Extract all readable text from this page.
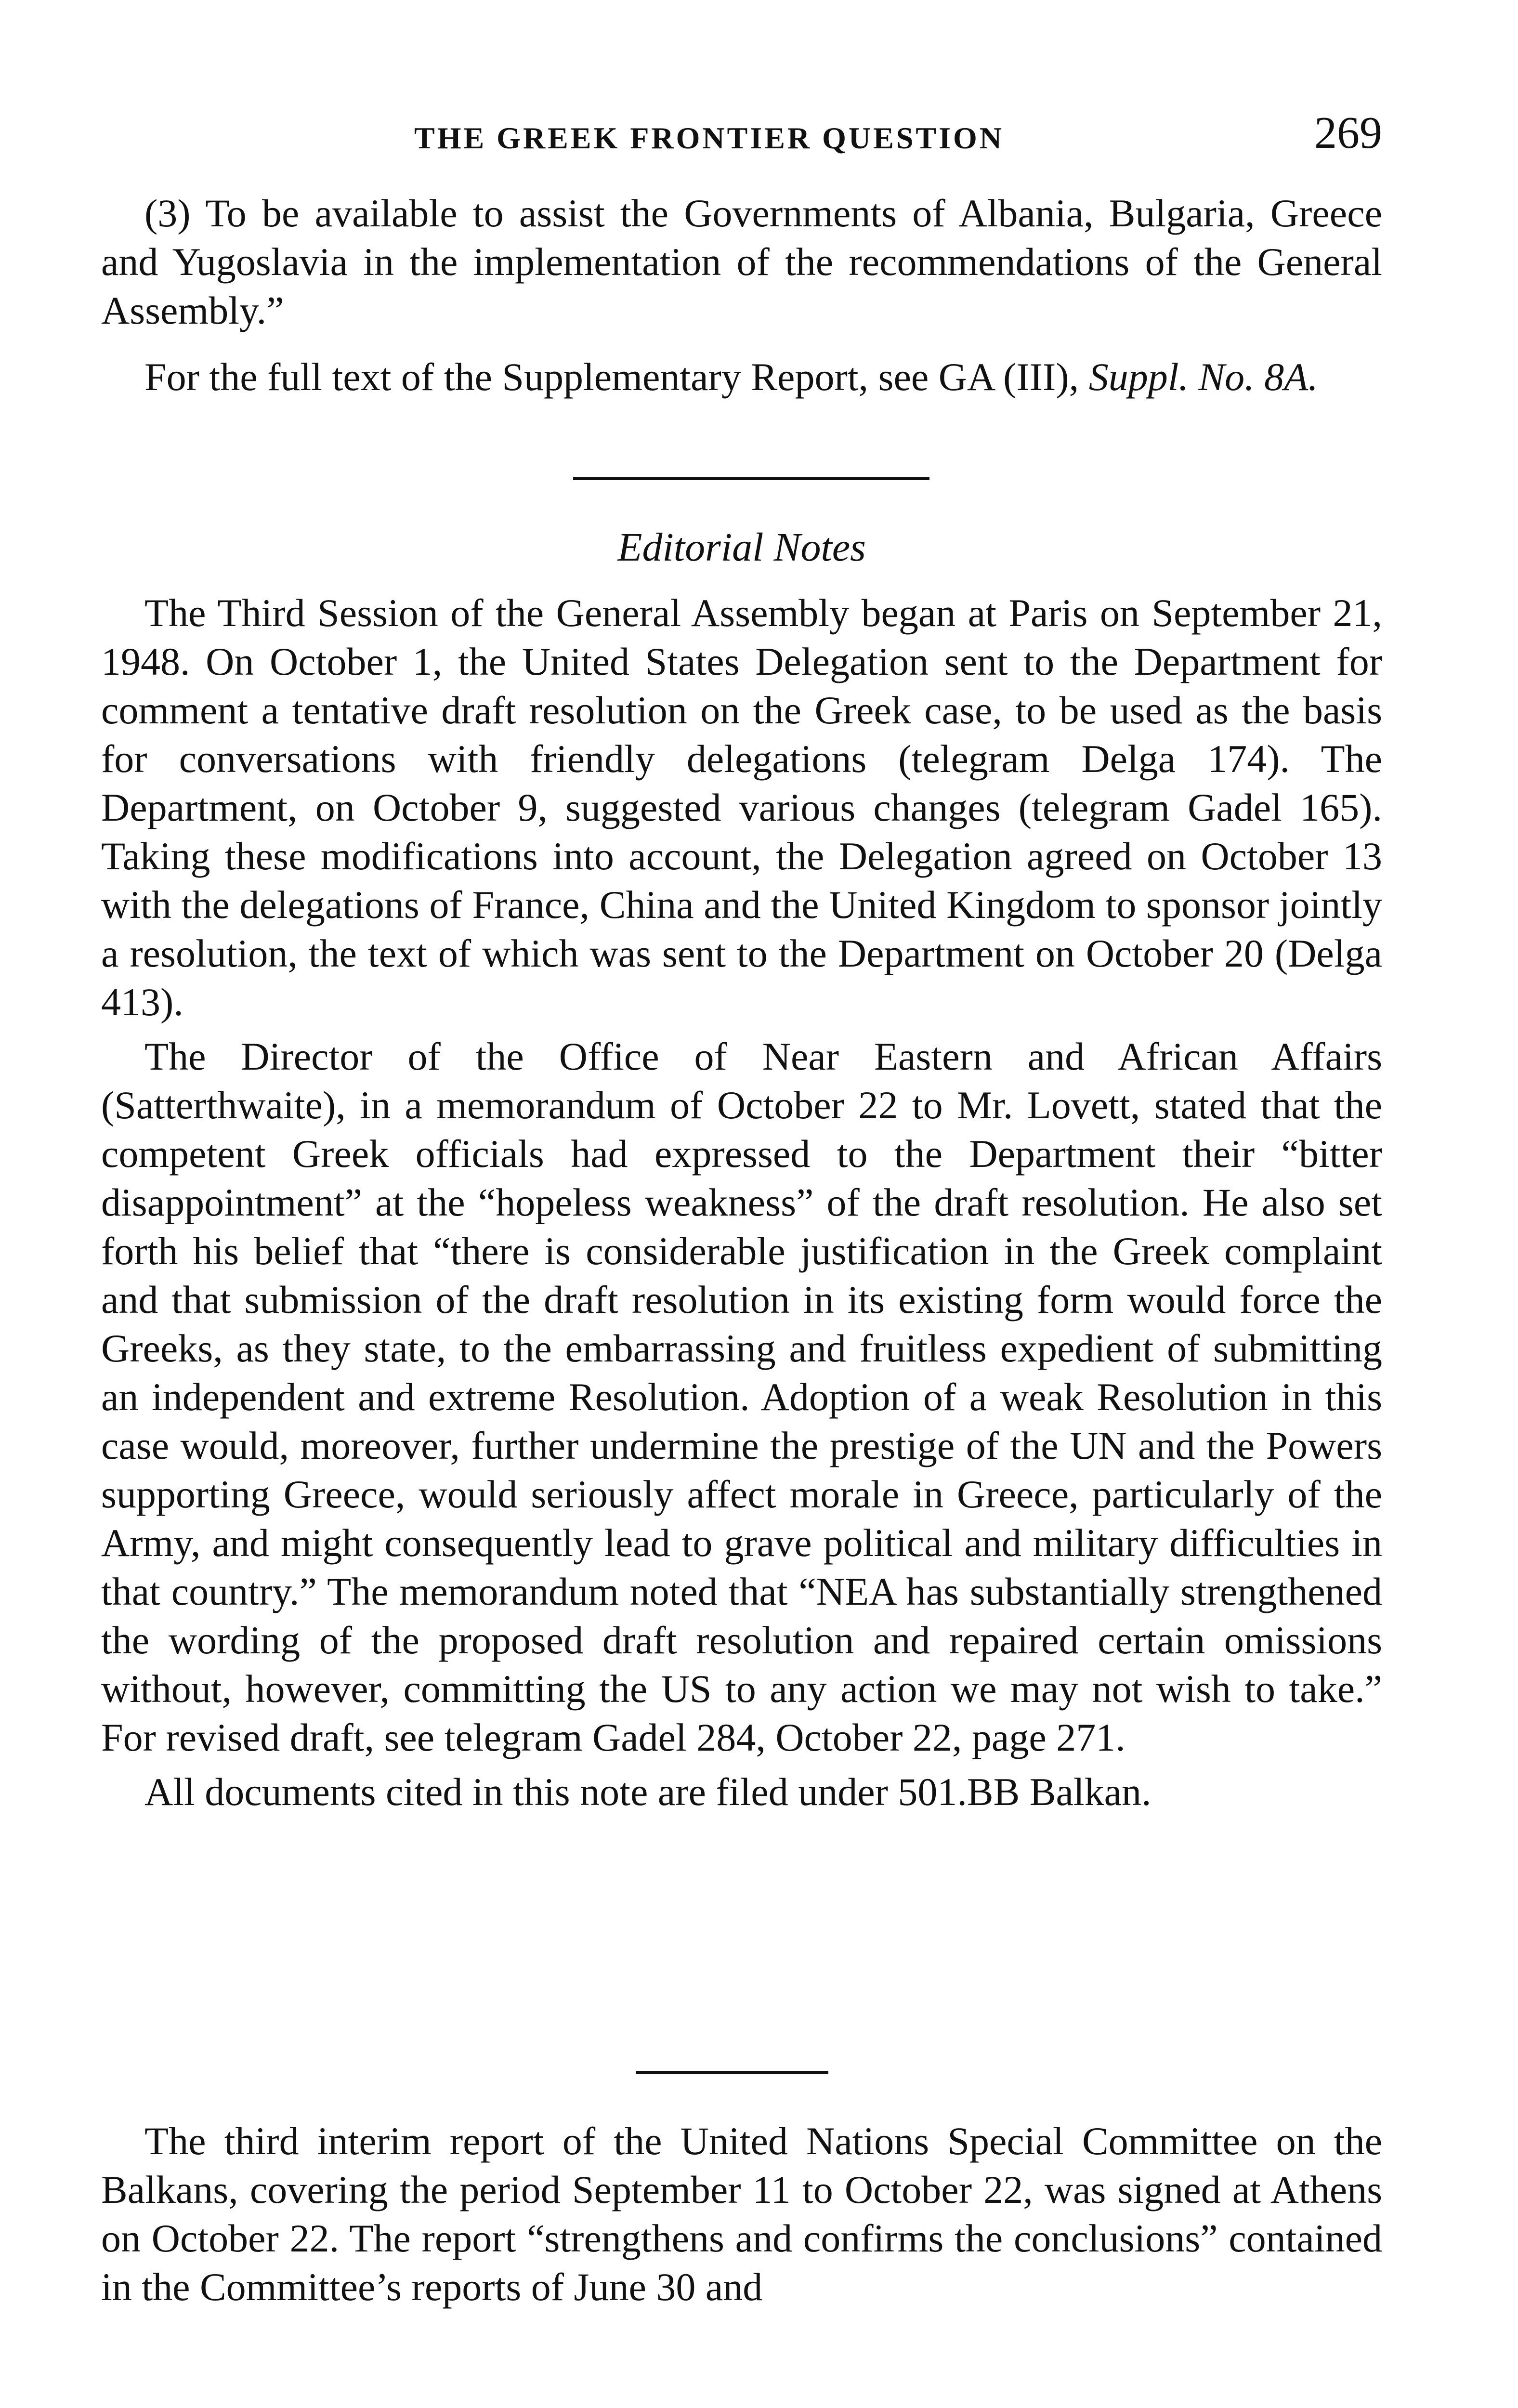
THE GREEK FRONTIER QUESTION	269
(3) To be available to assist the Governments of Albania, Bulgaria, Greece and Yugoslavia in the implementation of the recommendations of the General Assembly.”
For the full text of the Supplementary Report, see GA (III), Suppl. No. 8A.
Editorial Notes

The Third Session of the General Assembly began at Paris on September 21, 1948. On October 1, the United States Delegation sent to the Department for comment a tentative draft resolution on the Greek case, to be used as the basis for conversations with friendly delegations (telegram Delga 174). The Department, on October 9, suggested various changes (telegram Gadel 165). Taking these modifications into account, the Delegation agreed on October 13 with the delegations of France, China and the United Kingdom to sponsor jointly a resolution, the text of which was sent to the Department on October 20 (Delga 413).

The Director of the Office of Near Eastern and African Affairs (Satterthwaite), in a memorandum of October 22 to Mr. Lovett, stated that the competent Greek officials had expressed to the Department their “bitter disappointment” at the “hopeless weakness” of the draft resolution. He also set forth his belief that “there is considerable justification in the Greek complaint and that submission of the draft resolution in its existing form would force the Greeks, as they state, to the embarrassing and fruitless expedient of submitting an independent and extreme Resolution. Adoption of a weak Resolution in this case would, moreover, further undermine the prestige of the UN and the Powers supporting Greece, would seriously affect morale in Greece, particularly of the Army, and might consequently lead to grave political and military difficulties in that country.” The memorandum noted that “NEA has substantially strengthened the wording of the proposed draft resolution and repaired certain omissions without, however, committing the US to any action we may not wish to take.” For revised draft, see telegram Gadel 284, October 22, page 271.

All documents cited in this note are filed under 501.BB Balkan.

The third interim report of the United Nations Special Committee on the Balkans, covering the period September 11 to October 22, was signed at Athens on October 22. The report “strengthens and confirms the conclusions” contained in the Committee’s reports of June 30 and
